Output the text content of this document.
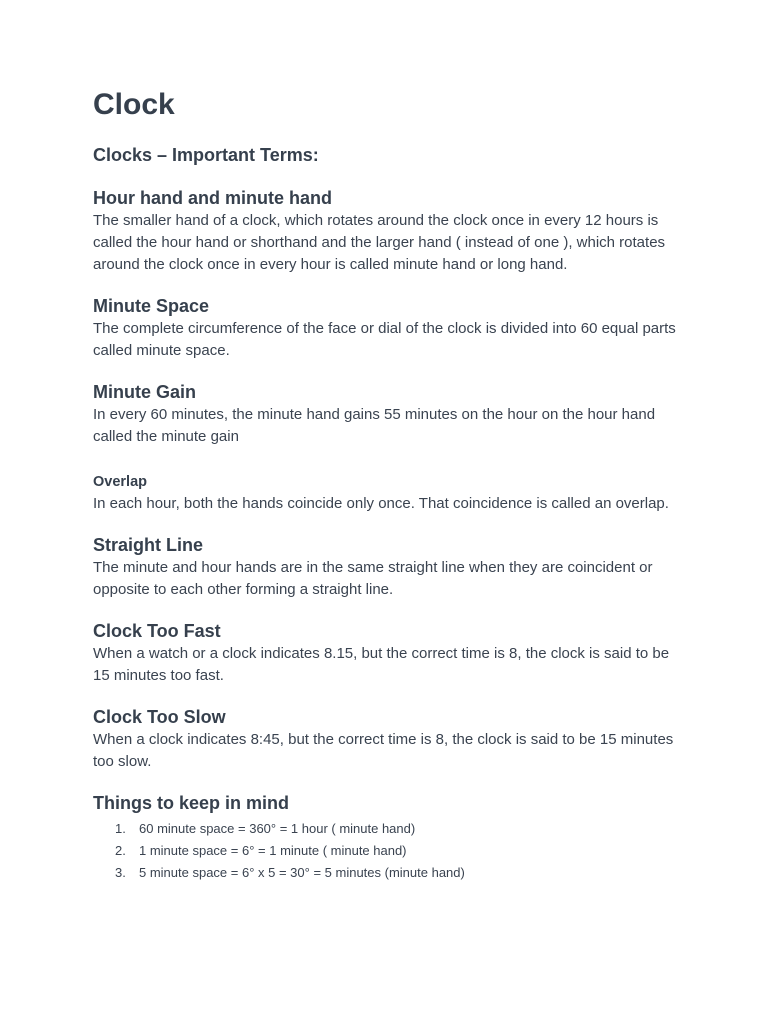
Clock
Clocks – Important Terms:
Hour hand and minute hand

The smaller hand of a clock, which rotates around the clock once in every 12 hours is called the hour hand or shorthand and the larger hand ( instead of one ), which rotates around the clock once in every hour is called minute hand or long hand.

Minute Space

The complete circumference of the face or dial of the clock is divided into 60 equal parts called minute space.

Minute Gain

In every 60 minutes, the minute hand gains 55 minutes on the hour on the hour hand called the minute gain

Overlap

In each hour, both the hands coincide only once. That coincidence is called an overlap.

Straight Line

The minute and hour hands are in the same straight line when they are coincident or opposite to each other forming a straight line.

Clock Too Fast

When a watch or a clock indicates 8.15, but the correct time is 8, the clock is said to be 15 minutes too fast.

Clock Too Slow

When a clock indicates 8:45, but the correct time is 8, the clock is said to be 15 minutes too slow.

Things to keep in mind
1. 60 minute space = 360° = 1 hour ( minute hand)
2. 1 minute space = 6° = 1 minute ( minute hand)
3. 5 minute space = 6° x 5 = 30° = 5 minutes (minute hand)
